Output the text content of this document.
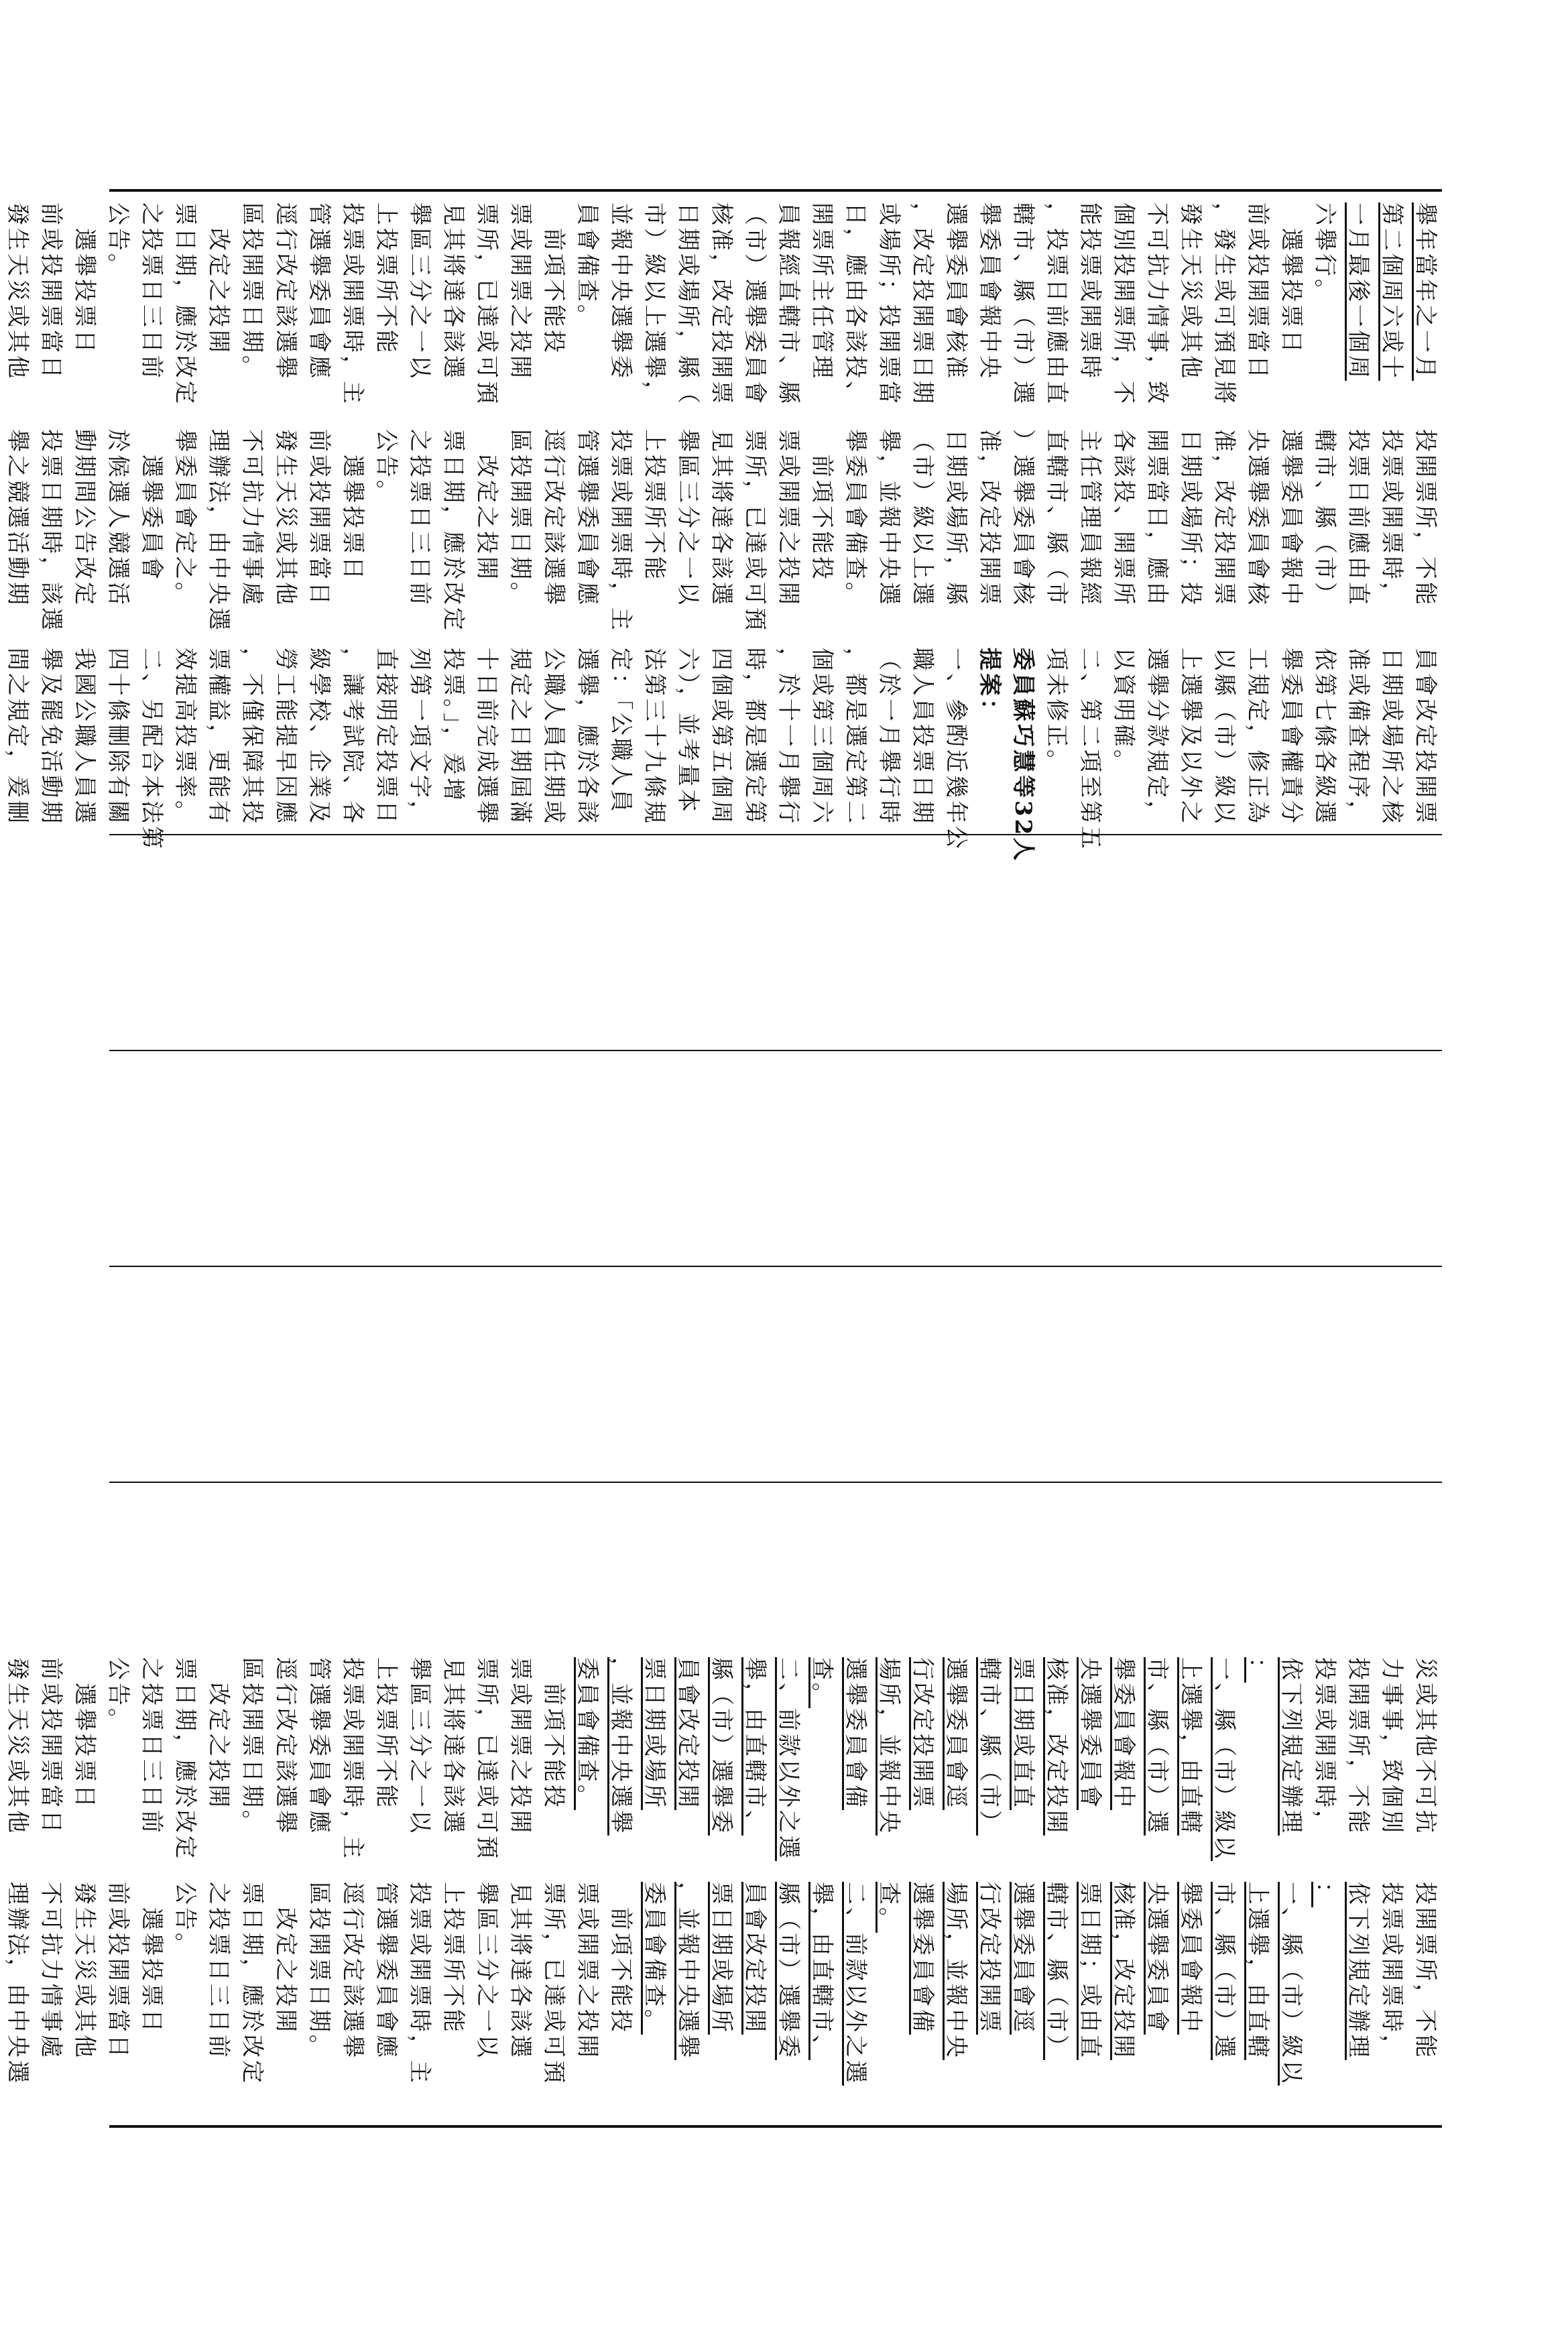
災或其他不可抗
力事事，致個別
投開票所，不能
投票或開票時，
依下列規定辦理
：
一、縣（市）級以
上選舉，由直轄
市、縣（市）選
舉委員會報中
央選舉委員會
核准，改定投開
票日期或直直
轄市、縣（市）
選舉委員會逕
行改定投開票
場所，並報中央
選舉委員會備
查。
二、前款以外之選
舉，由直轄市、
縣（市）選舉委
員會改定投開
票日期或場所
，並報中央選舉
委員會備查。
　前項不能投
票或開票之投開
票所，已達或可預
見其將達各該選
舉區三分之一以
上投票所不能
投票或開票時，主
管選舉委員會應
逕行改定該選舉
區投開票日期。
　改定之投開
票日期，應於改定
之投票日三日前
公告。
　選舉投票日
前或投開票當日
發生天災或其他
投開票所，不能
投票或開票時，
依下列規定辦理
：
一、縣（市）級以
上選舉，由直轄
市、縣（市）選
舉委員會報中
央選舉委員會
核准，改定投開
票日期；或由直
轄市、縣（市）
選舉委員會逕
行改定投開票
場所，並報中央
選舉委員會備
查。
二、前款以外之選
舉，由直轄市、
縣（市）選舉委
員會改定投開
票日期或場所
，並報中央選舉
委員會備查。
　前項不能投
票或開票之投開
票所，已達或可預
見其將達各該選
舉區三分之一以
上投票所不能
投票或開票時，主
管選舉委員會應
逕行改定該選舉
區投開票日期。
　改定之投開
票日期，應於改定
之投票日三日前
公告。
　選舉投票日
前或投開票當日
發生天災或其他
不可抗力情事處
理辦法，由中央選
舉年當年之一月
第二個周六或十
一月最後一個周
六舉行。
　選舉投票日
前或投開票當日
，發生或可預見將
發生天災或其他
不可抗力情事，致
個別投開票所，不
能投票或開票時
，投票日前應由直
轄市、縣（市）選
舉委員會報中央
選舉委員會核准
，改定投開票日期
或場所；投開票當
日，應由各該投、
開票所主任管理
員報經直轄市、縣
（市）選舉委員會
核准，改定投開票
日期或場所，縣（
市）級以上選舉，
並報中央選舉委
員會備查。
　前項不能投
票或開票之投開
票所，已達或可預
見其將達各該選
舉區三分之一以
上投票所不能
投票或開票時，主
管選舉委員會應
逕行改定該選舉
區投開票日期。
　改定之投開
票日期，應於改定
之投票日三日前
公告。
　選舉投票日
前或投開票當日
發生天災或其他
投開票所，不能
投票或開票時，
投票日前應由直
轄市、縣（市）
選舉委員會報中
央選舉委員會核
准，改定投開票
日期或場所；投
開票當日，應由
各該投、開票所
主任管理員報經
直轄市、縣（市
）選舉委員會核
准，改定投開票
日期或場所，縣
（市）級以上選
舉，並報中央選
舉委員會備查。
　前項不能投
票或開票之投開
票所，已達或可預
見其將達各該選
舉區三分之一以
上投票所不能
投票或開票時，主
管選舉委員會應
逕行改定該選舉
區投開票日期。
　改定之投開
票日期，應於改定
之投票日三日前
公告。
　選舉投票日
前或投開票當日
發生天災或其他
不可抗力情事處
理辦法，由中央選
舉委員會定之。
　選舉委員會
於候選人競選活
動期間公告改定
投票日期時，該選
舉之競選活動期
員會改定投開票
日期或場所之核
准或備查程序，
依第七條各級選
舉委員會權責分
工規定，修正為
以縣（市）級以
上選舉及以外之
選舉分款規定，
以資明確。
二、第二項至第五
項未修正。
委員蘇巧慧等32人
提案：
一、參酌近幾年公
職人員投票日期
（於一月舉行時
，都是選定第二
個或第三個周六
，於十一月舉行
時，都是選定第
四個或第五個周
六），並考量本
法第三十九條規
定：「公職人員
選舉，應於各該
公職人員任期或
規定之日期屆滿
十日前完成選舉
投票。」，爰增
列第一項文字，
直接明定投票日
，讓考試院、各
級學校、企業及
勞工能提早因應
，不僅保障其投
票權益，更能有
效提高投票率。
二、另配合本法第
四十條刪除有關
我國公職人員選
舉及罷免活動期
間之規定，爰刪
